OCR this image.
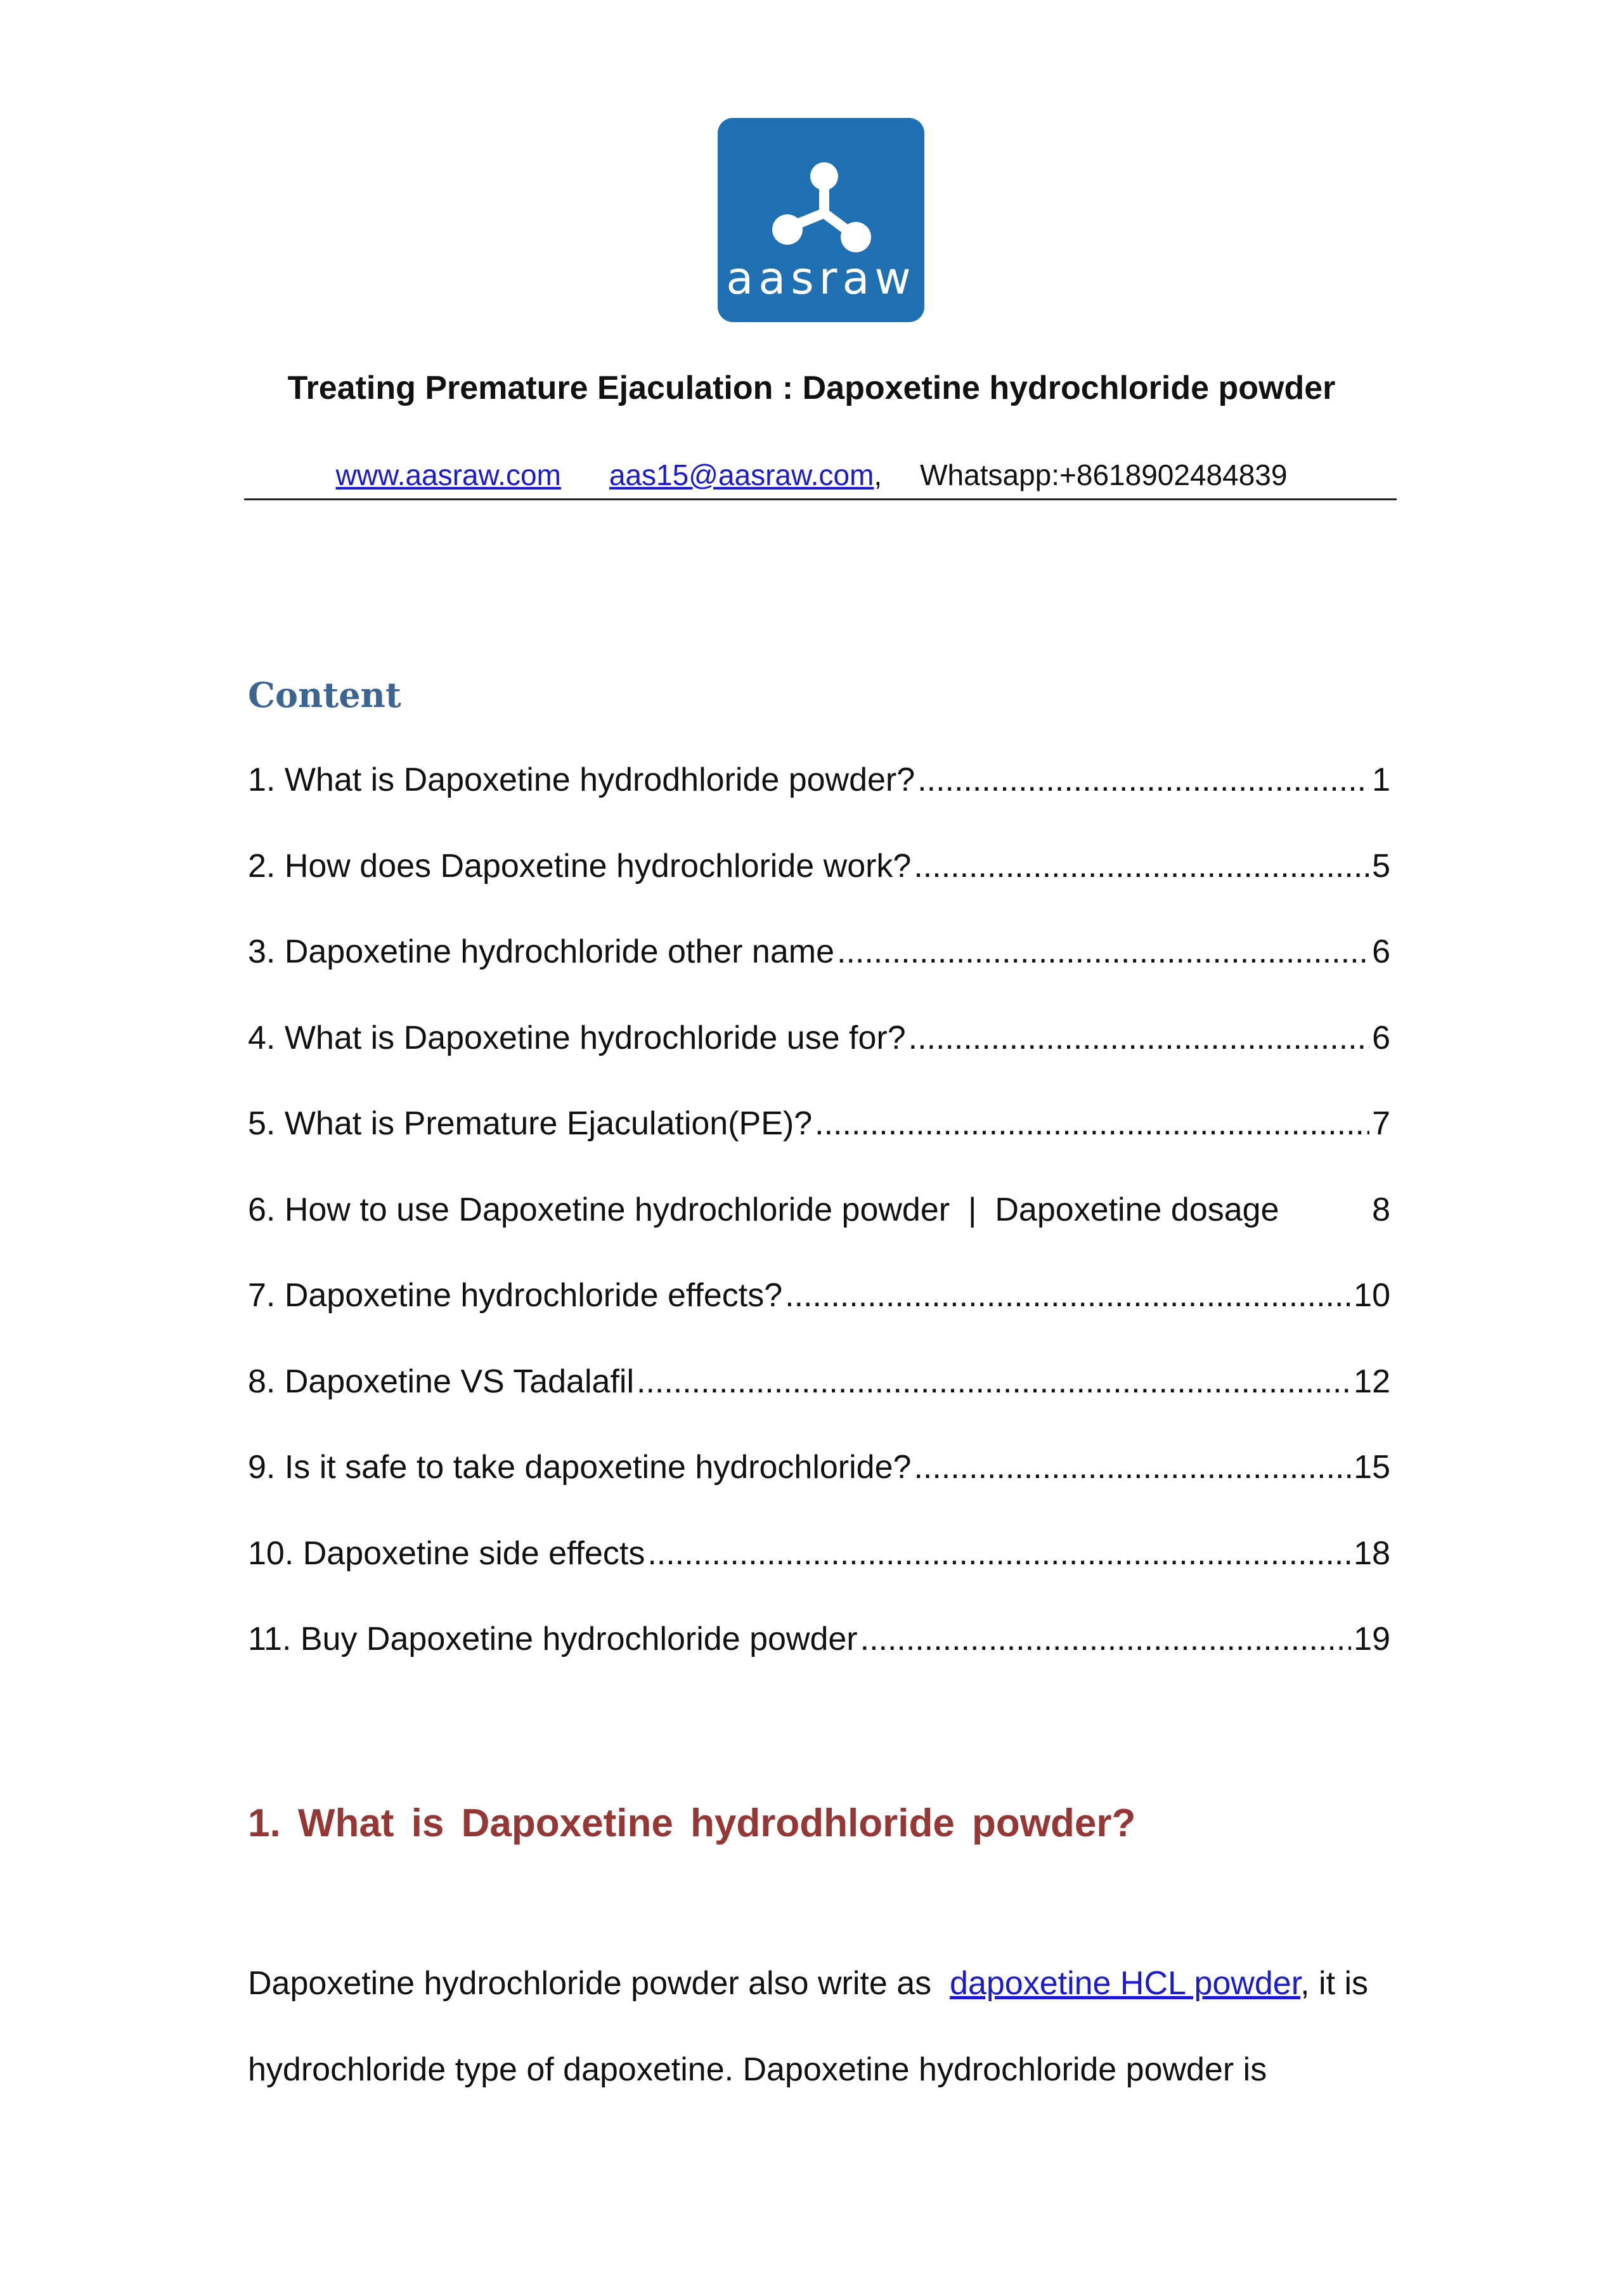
aasraw
Treating Premature Ejaculation : Dapoxetine hydrochloride powder
www.aasraw.com aas15@aasraw.com, Whatsapp:+8618902484839
Content
1. What is Dapoxetine hydrodhloride powder? .....	1
2. How does Dapoxetine hydrochloride work? .....	5
3. Dapoxetine hydrochloride other name .....	6
4. What is Dapoxetine hydrochloride use for? .....	6
5. What is Premature Ejaculation(PE)? .....	7
6. How to use Dapoxetine hydrochloride powder  |  Dapoxetine dosage	8
7. Dapoxetine hydrochloride effects? .....	10
8. Dapoxetine VS Tadalafil .....	12
9. Is it safe to take dapoxetine hydrochloride? .....	15
10. Dapoxetine side effects .....	18
11. Buy Dapoxetine hydrochloride powder .....	19
1. What is Dapoxetine hydrodhloride powder?

Dapoxetine hydrochloride powder also write as  dapoxetine HCL powder, it is hydrochloride type of dapoxetine. Dapoxetine hydrochloride powder is
